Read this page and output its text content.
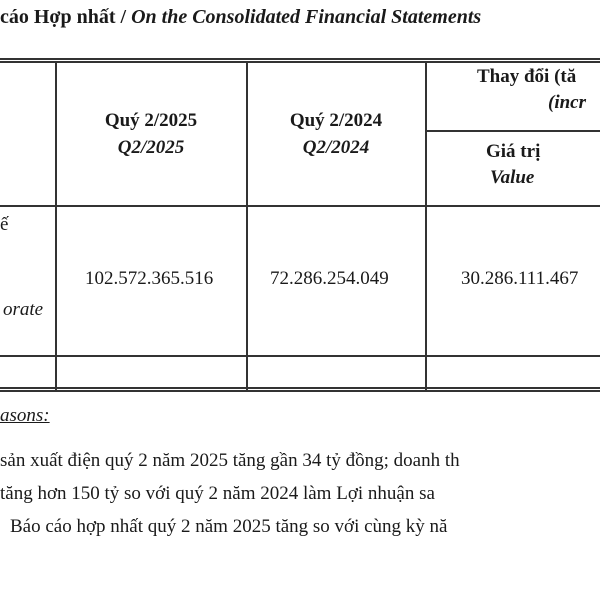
cáo Hợp nhất / On the Consolidated Financial Statements
Quý 2/2025
Q2/2025
Quý 2/2024
Q2/2024
Thay đổi (tă
(incr
Giá trị
Value
ế
orate
102.572.365.516	72.286.254.049	30.286.111.467
asons:
sản xuất điện quý 2 năm 2025 tăng gần 34 tỷ đồng; doanh th
tăng hơn 150 tỷ so với quý 2 năm 2024 làm Lợi nhuận sa
Báo cáo hợp nhất quý 2 năm 2025 tăng so với cùng kỳ nă
